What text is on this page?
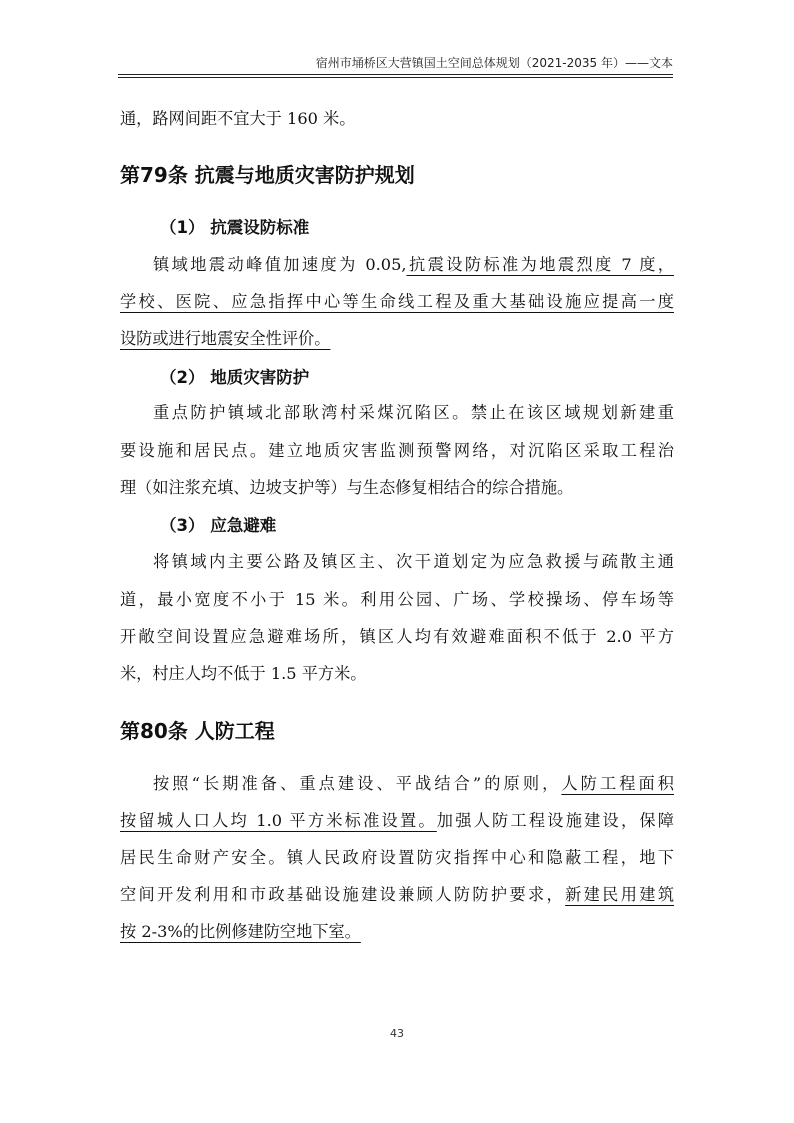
宿州市埇桥区大营镇国土空间总体规划（2021-2035 年）——文本
通，路网间距不宜大于 160 米。
第79条 抗震与地质灾害防护规划
（1） 抗震设防标准
镇域地震动峰值加速度为 0.05,抗震设防标准为地震烈度 7 度，
学校、医院、应急指挥中心等生命线工程及重大基础设施应提高一度
设防或进行地震安全性评价。
（2） 地质灾害防护
重点防护镇域北部耿湾村采煤沉陷区。禁止在该区域规划新建重
要设施和居民点。建立地质灾害监测预警网络，对沉陷区采取工程治
理（如注浆充填、边坡支护等）与生态修复相结合的综合措施。
（3） 应急避难
将镇域内主要公路及镇区主、次干道划定为应急救援与疏散主通
道，最小宽度不小于 15 米。利用公园、广场、学校操场、停车场等
开敞空间设置应急避难场所，镇区人均有效避难面积不低于 2.0 平方
米，村庄人均不低于 1.5 平方米。
第80条 人防工程
按照“长期准备、重点建设、平战结合”的原则，人防工程面积
按留城人口人均 1.0 平方米标准设置。加强人防工程设施建设，保障
居民生命财产安全。镇人民政府设置防灾指挥中心和隐蔽工程，地下
空间开发利用和市政基础设施建设兼顾人防防护要求，新建民用建筑
按 2-3%的比例修建防空地下室。
43
